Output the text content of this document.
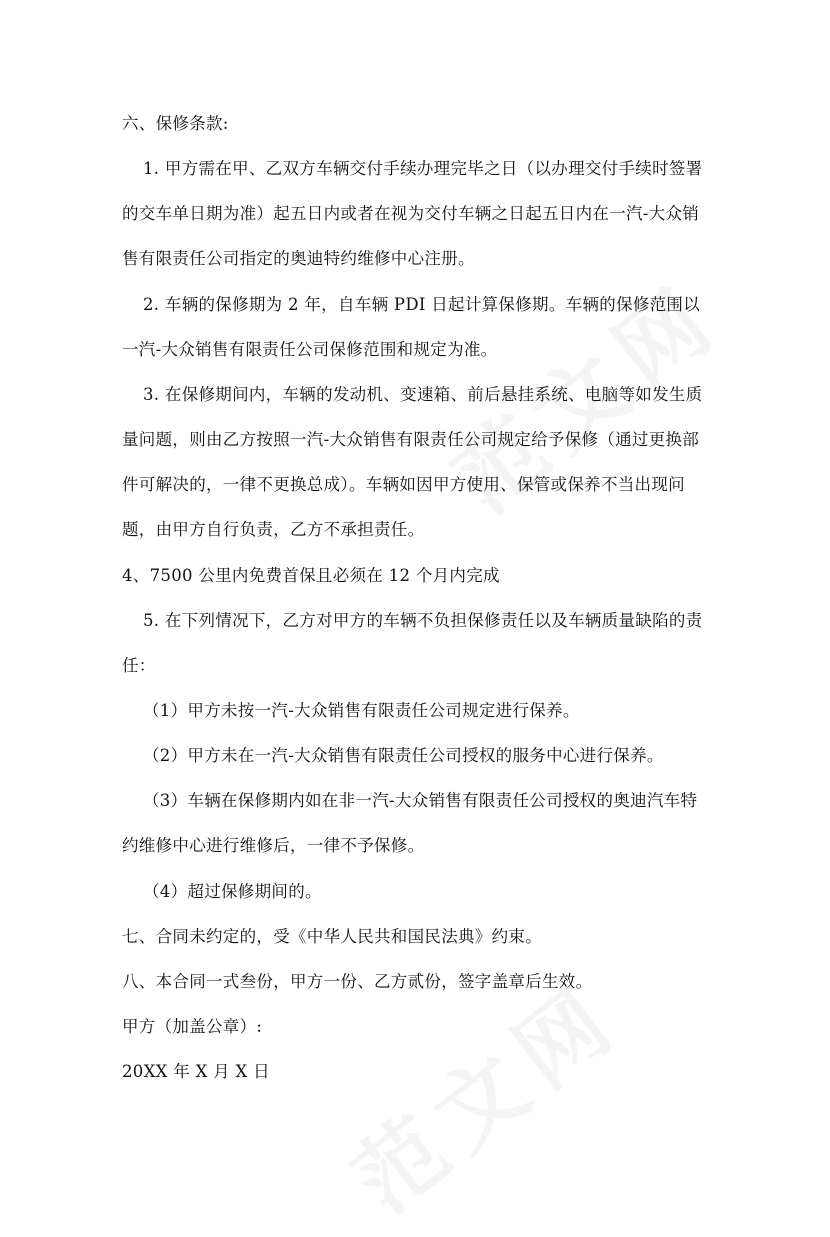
六、保修条款:
1. 甲方需在甲、乙双方车辆交付手续办理完毕之日（以办理交付手续时签署
的交车单日期为准）起五日内或者在视为交付车辆之日起五日内在一汽-大众销
售有限责任公司指定的奥迪特约维修中心注册。
2. 车辆的保修期为 2 年，自车辆 PDI 日起计算保修期。车辆的保修范围以
一汽-大众销售有限责任公司保修范围和规定为准。
3. 在保修期间内，车辆的发动机、变速箱、前后悬挂系统、电脑等如发生质
量问题，则由乙方按照一汽-大众销售有限责任公司规定给予保修（通过更换部
件可解决的，一律不更换总成）。车辆如因甲方使用、保管或保养不当出现问
题，由甲方自行负责，乙方不承担责任。
4、7500 公里内免费首保且必须在 12 个月内完成
5. 在下列情况下，乙方对甲方的车辆不负担保修责任以及车辆质量缺陷的责
任：
（1）甲方未按一汽-大众销售有限责任公司规定进行保养。
（2）甲方未在一汽-大众销售有限责任公司授权的服务中心进行保养。
（3）车辆在保修期内如在非一汽-大众销售有限责任公司授权的奥迪汽车特
约维修中心进行维修后，一律不予保修。
（4）超过保修期间的。
七、合同未约定的，受《中华人民共和国民法典》约束。
八、本合同一式叁份，甲方一份、乙方贰份，签字盖章后生效。
甲方（加盖公章）:
20XX 年 X 月 X 日
